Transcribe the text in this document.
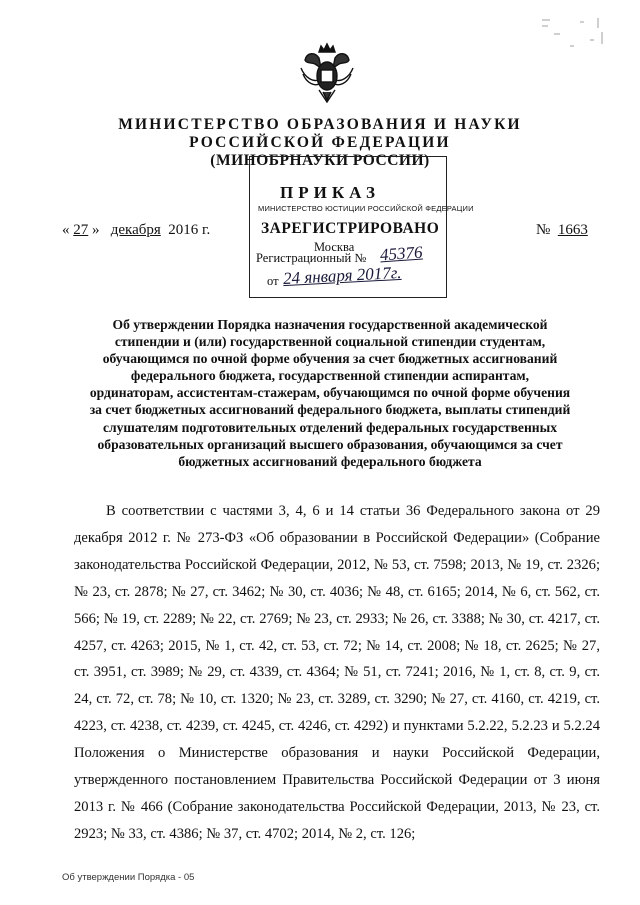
МИНИСТЕРСТВО ОБРАЗОВАНИЯ И НАУКИ
РОССИЙСКОЙ ФЕДЕРАЦИИ
(МИНОБРНАУКИ РОССИИ)
ПРИКАЗ
МИНИСТЕРСТВО ЮСТИЦИИ РОССИЙСКОЙ ФЕДЕРАЦИИ
ЗАРЕГИСТРИРОВАНО
Москва
Регистрационный № 45376
от 24 января 2017г.
« 27 »   декабря 2016 г.	№ 1663
Об утверждении Порядка назначения государственной академической стипендии и (или) государственной социальной стипендии студентам, обучающимся по очной форме обучения за счет бюджетных ассигнований федерального бюджета, государственной стипендии аспирантам, ординаторам, ассистентам-стажерам, обучающимся по очной форме обучения за счет бюджетных ассигнований федерального бюджета, выплаты стипендий слушателям подготовительных отделений федеральных государственных образовательных организаций высшего образования, обучающимся за счет бюджетных ассигнований федерального бюджета
В соответствии с частями 3, 4, 6 и 14 статьи 36 Федерального закона от 29 декабря 2012 г. № 273-ФЗ «Об образовании в Российской Федерации» (Собрание законодательства Российской Федерации, 2012, № 53, ст. 7598; 2013, № 19, ст. 2326; № 23, ст. 2878; № 27, ст. 3462; № 30, ст. 4036; № 48, ст. 6165; 2014, № 6, ст. 562, ст. 566; № 19, ст. 2289; № 22, ст. 2769; № 23, ст. 2933; № 26, ст. 3388; № 30, ст. 4217, ст. 4257, ст. 4263; 2015, № 1, ст. 42, ст. 53, ст. 72; № 14, ст. 2008; № 18, ст. 2625; № 27, ст. 3951, ст. 3989; № 29, ст. 4339, ст. 4364; № 51, ст. 7241; 2016, № 1, ст. 8, ст. 9, ст. 24, ст. 72, ст. 78; № 10, ст. 1320; № 23, ст. 3289, ст. 3290; № 27, ст. 4160, ст. 4219, ст. 4223, ст. 4238, ст. 4239, ст. 4245, ст. 4246, ст. 4292) и пунктами 5.2.22, 5.2.23 и 5.2.24 Положения о Министерстве образования и науки Российской Федерации, утвержденного постановлением Правительства Российской Федерации от 3 июня 2013 г. № 466 (Собрание законодательства Российской Федерации, 2013, № 23, ст. 2923; № 33, ст. 4386; № 37, ст. 4702; 2014, № 2, ст. 126;
Об утверждении Порядка - 05
